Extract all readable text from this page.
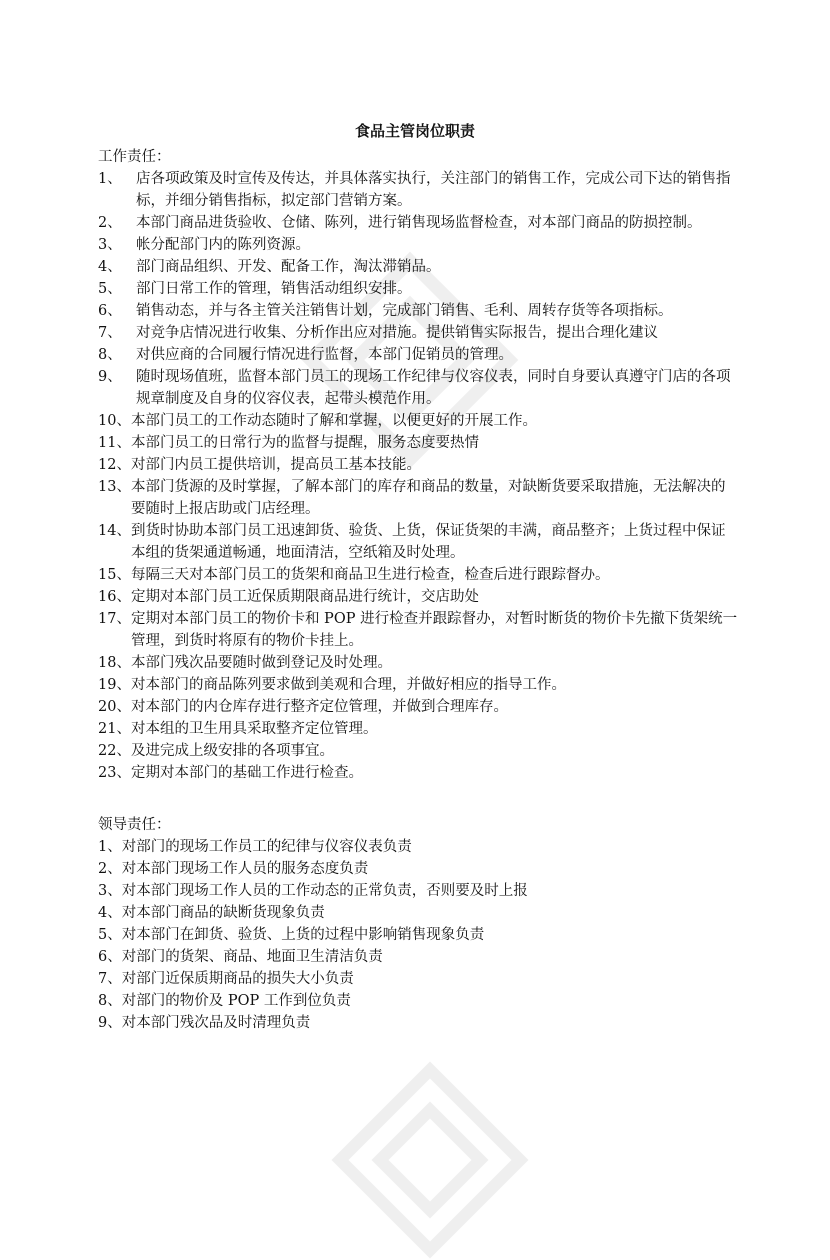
食品主管岗位职责
工作责任：
1、 店各项政策及时宣传及传达，并具体落实执行，关注部门的销售工作，完成公司下达的销售指标，并细分销售指标，拟定部门营销方案。
2、 本部门商品进货验收、仓储、陈列，进行销售现场监督检查，对本部门商品的防损控制。
3、 帐分配部门内的陈列资源。
4、 部门商品组织、开发、配备工作，淘汰滞销品。
5、 部门日常工作的管理，销售活动组织安排。
6、 销售动态，并与各主管关注销售计划，完成部门销售、毛利、周转存货等各项指标。
7、 对竞争店情况进行收集、分析作出应对措施。提供销售实际报告，提出合理化建议
8、 对供应商的合同履行情况进行监督，本部门促销员的管理。
9、 随时现场值班，监督本部门员工的现场工作纪律与仪容仪表，同时自身要认真遵守门店的各项规章制度及自身的仪容仪表，起带头模范作用。
10、 本部门员工的工作动态随时了解和掌握，以便更好的开展工作。
11、 本部门员工的日常行为的监督与提醒，服务态度要热情
12、 对部门内员工提供培训，提高员工基本技能。
13、 本部门货源的及时掌握，了解本部门的库存和商品的数量，对缺断货要采取措施，无法解决的要随时上报店助或门店经理。
14、 到货时协助本部门员工迅速卸货、验货、上货，保证货架的丰满，商品整齐；上货过程中保证本组的货架通道畅通，地面清洁，空纸箱及时处理。
15、 每隔三天对本部门员工的货架和商品卫生进行检查，检查后进行跟踪督办。
16、 定期对本部门员工近保质期限商品进行统计，交店助处
17、 定期对本部门员工的物价卡和 POP 进行检查并跟踪督办，对暂时断货的物价卡先撤下货架统一管理，到货时将原有的物价卡挂上。
18、 本部门残次品要随时做到登记及时处理。
19、 对本部门的商品陈列要求做到美观和合理，并做好相应的指导工作。
20、 对本部门的内仓库存进行整齐定位管理，并做到合理库存。
21、 对本组的卫生用具采取整齐定位管理。
22、 及进完成上级安排的各项事宜。
23、 定期对本部门的基础工作进行检查。
领导责任：
1、 对部门的现场工作员工的纪律与仪容仪表负责
2、 对本部门现场工作人员的服务态度负责
3、 对本部门现场工作人员的工作动态的正常负责，否则要及时上报
4、 对本部门商品的缺断货现象负责
5、 对本部门在卸货、验货、上货的过程中影响销售现象负责
6、 对部门的货架、商品、地面卫生清洁负责
7、 对部门近保质期商品的损失大小负责
8、 对部门的物价及 POP 工作到位负责
9、 对本部门残次品及时清理负责
